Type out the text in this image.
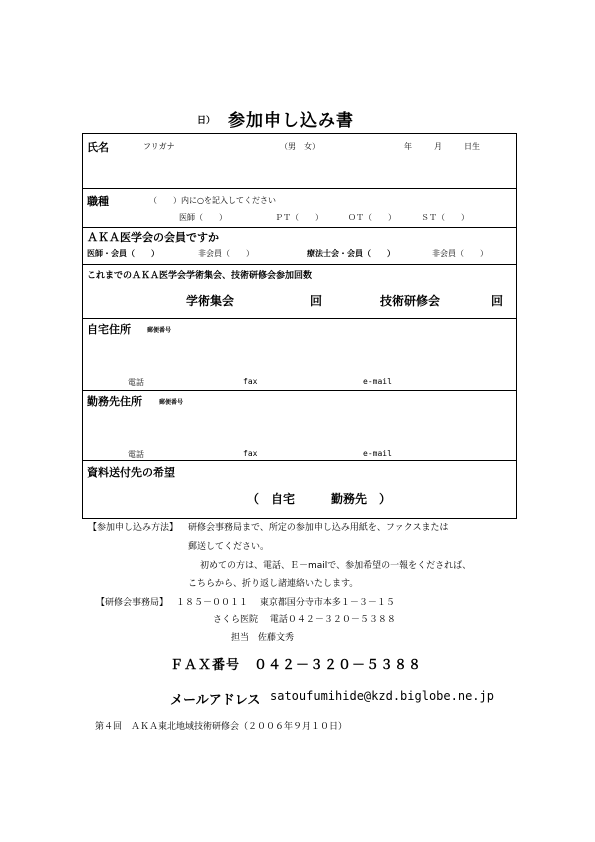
日） 参加申し込み書
氏名	フリガナ	（男　女）	年	月	日生
職種	（　　）内に○を記入してください
医師（　　）	ＰＴ（　　）	ＯＴ（　　）	ＳＴ（　　）
ＡＫＡ医学会の会員ですか
医師・会員（　　）	非会員（　　）	療法士会・会員（　　）	非会員（　　）
これまでのＡＫＡ医学会学術集会、技術研修会参加回数
学術集会	回	技術研修会	回
自宅住所	郵便番号
電話	fax	e-mail
勤務先住所	郵便番号
電話	fax	e-mail
資料送付先の希望
（　自宅　　　勤務先　）
【参加申し込み方法】 研修会事務局まで、所定の参加申し込み用紙を、ファクスまたは
郵送してください。
初めての方は、電話、Ｅ－mailで、参加希望の一報をくだされば、
こちらから、折り返し諸連絡いたします。
【研修会事務局】 １８５－００１１　 東京都国分寺市本多１－３－１５
さくら医院　 電話０４２－３２０－５３８８
担当　佐藤文秀
ＦＡＸ番号　０４２－３２０－５３８８
メールアドレス satoufumihide@kzd.biglobe.ne.jp
第４回　ＡＫＡ東北地域技術研修会（２００６年９月１０日）
